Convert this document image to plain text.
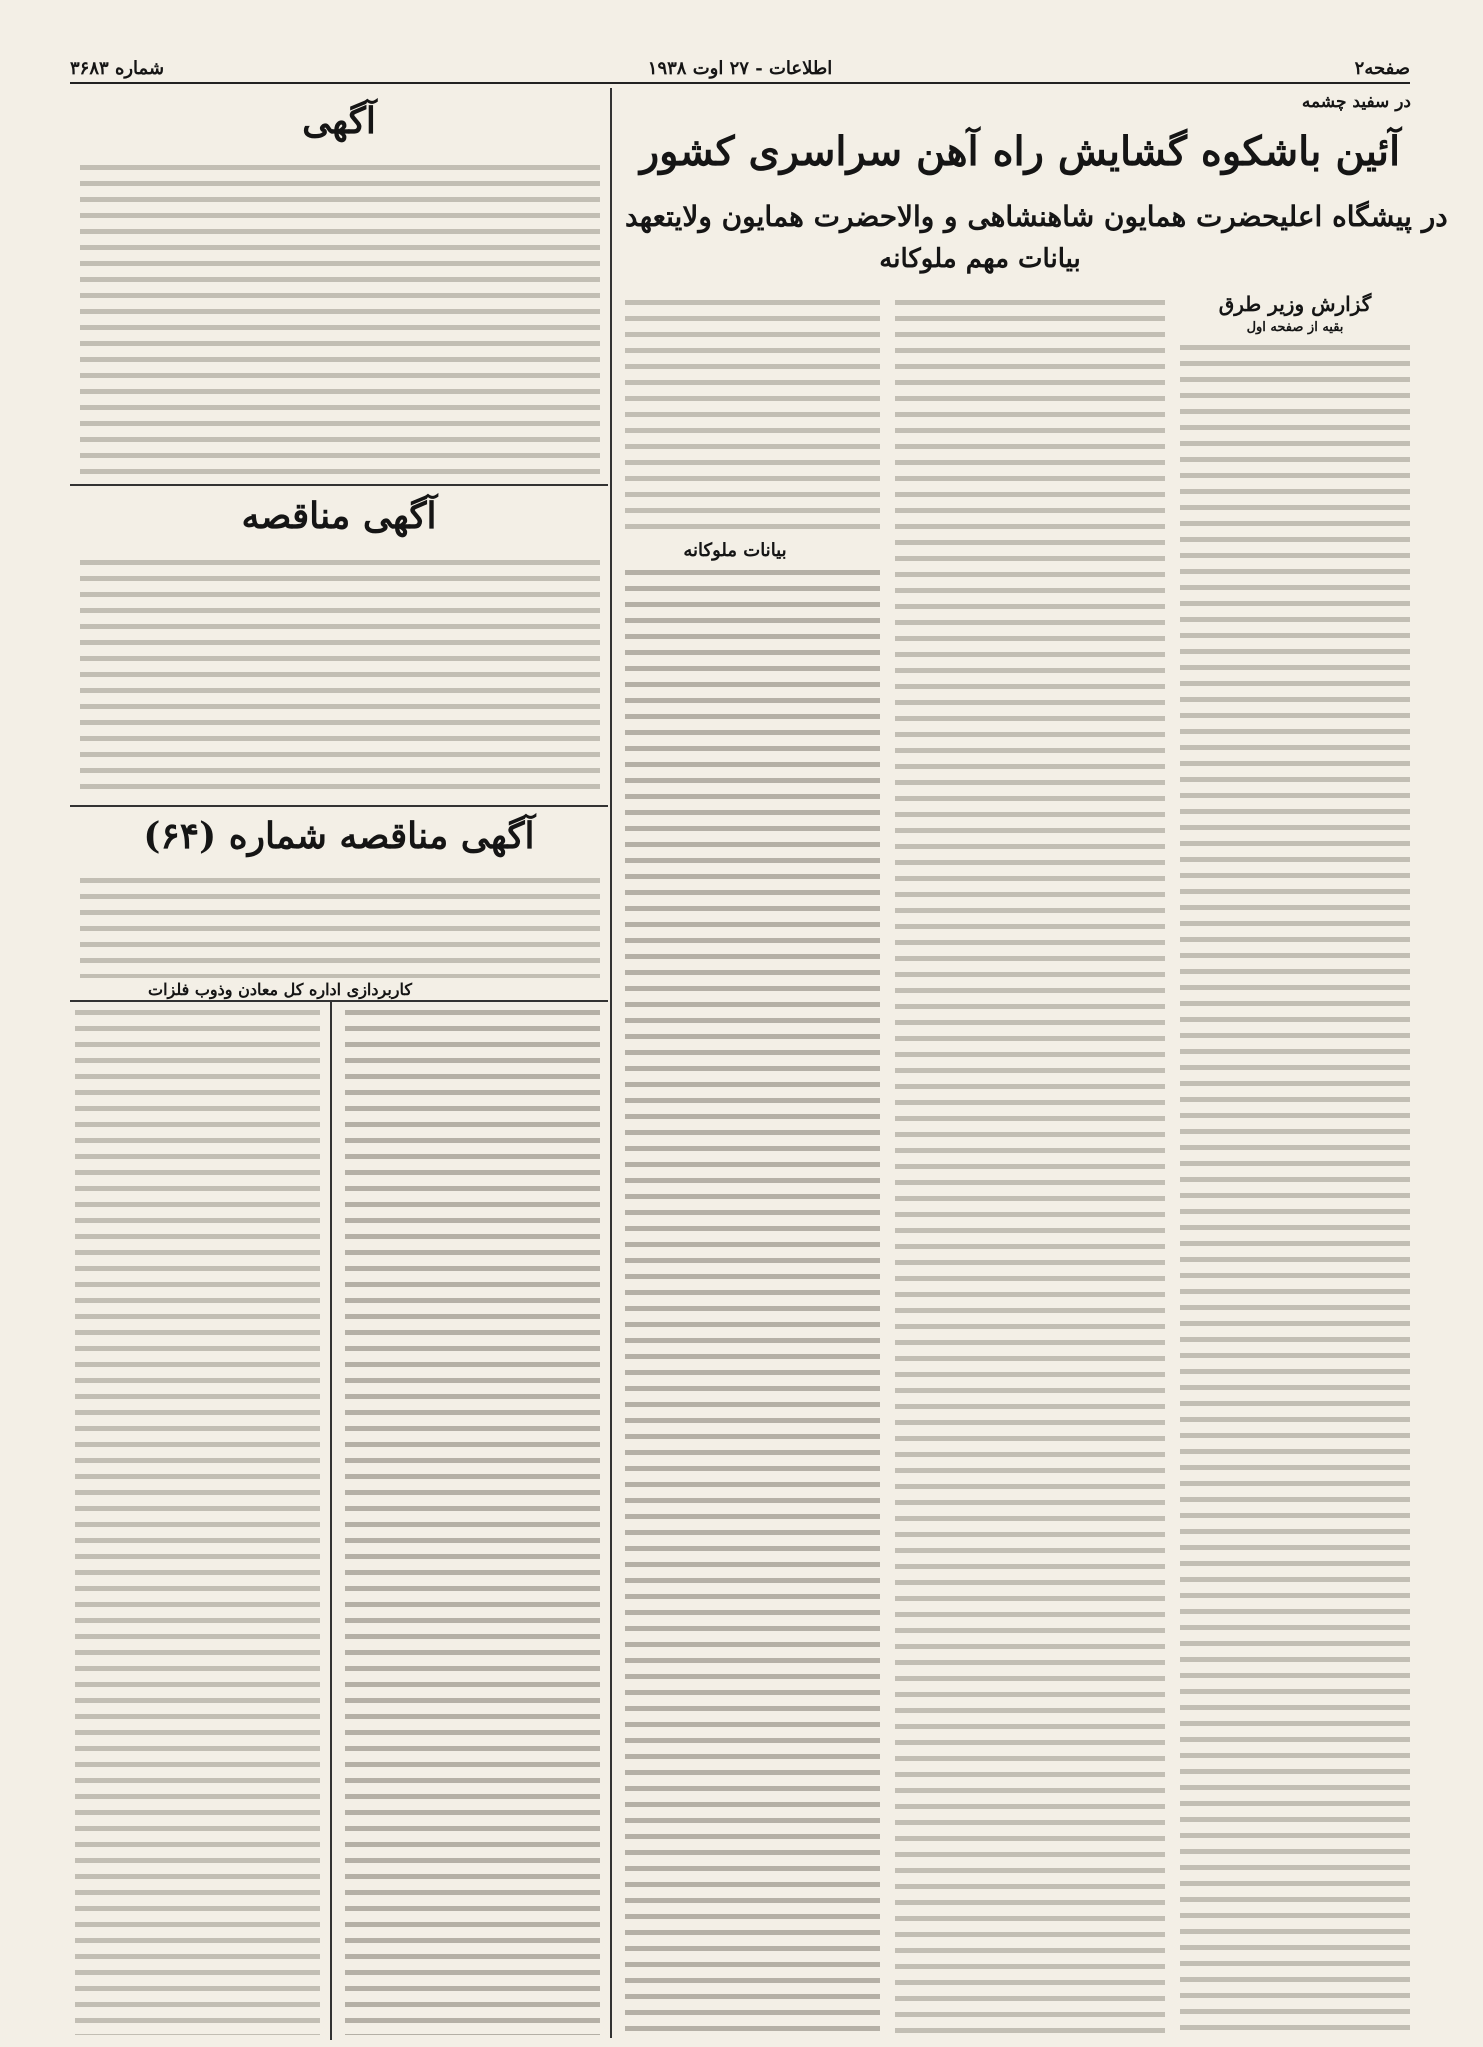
شماره ۳۶۸۳	اطلاعات - ۲۷ اوت ۱۹۳۸	صفحه۲
در سفید چشمه
آئین باشکوه گشایش راه آهن سراسری کشور
در پیشگاه اعلیحضرت همایون شاهنشاهی و والاحضرت همایون ولایتعهد
بیانات مهم ملوکانه
گزارش وزیر طرق
بقیه از صفحه اول
بیانات ملوکانه
آگهی
آگهی مناقصه
آگهی مناقصه شماره (۶۴)
کاربردازی اداره کل معادن وذوب فلزات
